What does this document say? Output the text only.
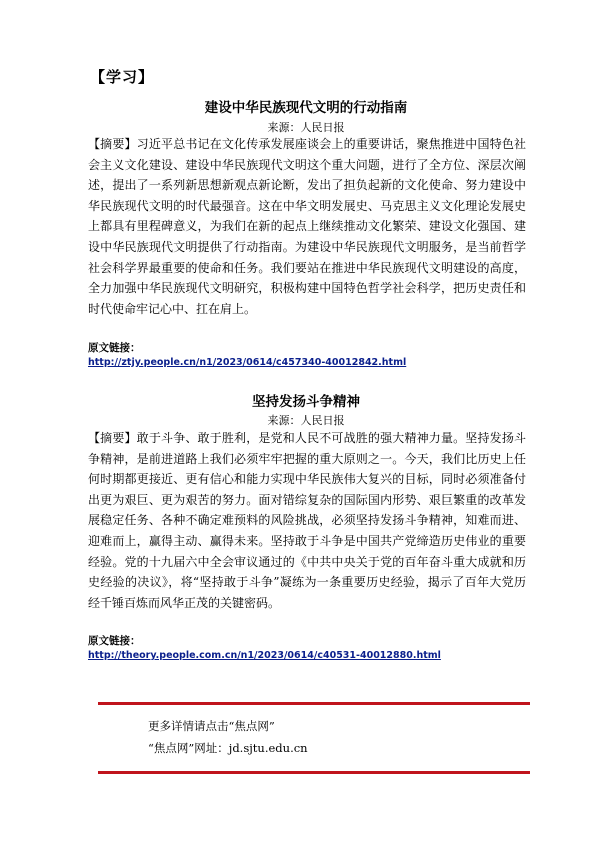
【学习】
建设中华民族现代文明的行动指南
来源：人民日报

【摘要】习近平总书记在文化传承发展座谈会上的重要讲话，聚焦推进中国特色社会主义文化建设、建设中华民族现代文明这个重大问题，进行了全方位、深层次阐述，提出了一系列新思想新观点新论断，发出了担负起新的文化使命、努力建设中华民族现代文明的时代最强音。这在中华文明发展史、马克思主义文化理论发展史上都具有里程碑意义，为我们在新的起点上继续推动文化繁荣、建设文化强国、建设中华民族现代文明提供了行动指南。为建设中华民族现代文明服务，是当前哲学社会科学界最重要的使命和任务。我们要站在推进中华民族现代文明建设的高度，全力加强中华民族现代文明研究，积极构建中国特色哲学社会科学，把历史责任和时代使命牢记心中、扛在肩上。

原文链接：
http://ztjy.people.cn/n1/2023/0614/c457340-40012842.html
坚持发扬斗争精神
来源：人民日报

【摘要】敢于斗争、敢于胜利，是党和人民不可战胜的强大精神力量。坚持发扬斗争精神，是前进道路上我们必须牢牢把握的重大原则之一。今天，我们比历史上任何时期都更接近、更有信心和能力实现中华民族伟大复兴的目标，同时必须准备付出更为艰巨、更为艰苦的努力。面对错综复杂的国际国内形势、艰巨繁重的改革发展稳定任务、各种不确定难预料的风险挑战，必须坚持发扬斗争精神，知难而进、迎难而上，赢得主动、赢得未来。坚持敢于斗争是中国共产党缔造历史伟业的重要经验。党的十九届六中全会审议通过的《中共中央关于党的百年奋斗重大成就和历史经验的决议》，将“坚持敢于斗争”凝练为一条重要历史经验，揭示了百年大党历经千锤百炼而风华正茂的关键密码。

原文链接：
http://theory.people.com.cn/n1/2023/0614/c40531-40012880.html
更多详情请点击“焦点网”
“焦点网”网址：jd.sjtu.edu.cn
